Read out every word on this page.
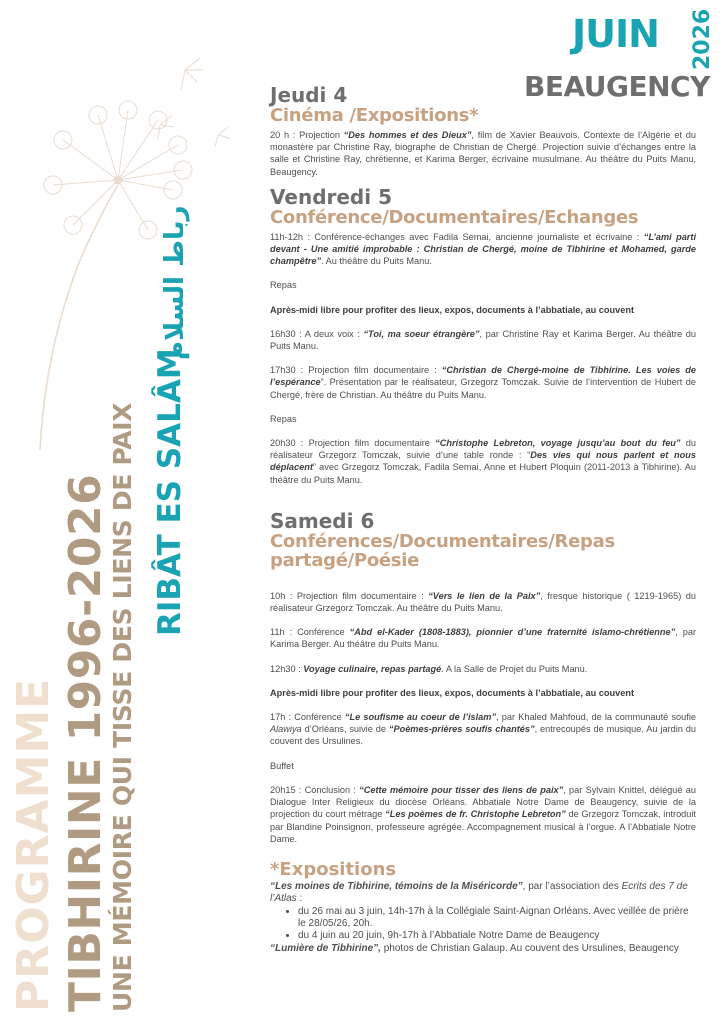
JUIN 2026
BEAUGENCY
PROGRAMME TIBHIRINE 1996-2026
UNE MÉMOIRE QUI TISSE DES LIENS DE PAIX RIBÂT ES SALÂM
رباط السلام
Jeudi 4
Cinéma /Expositions*
20 h : Projection “Des hommes et des Dieux”, film de Xavier Beauvois. Contexte de l’Algérie et du monastère par Christine Ray, biographe de Christian de Chergé. Projection suivie d’échanges entre la salle et Christine Ray, chrétienne, et Karima Berger, écrivaine musulmane. Au théâtre du Puits Manu, Beaugency.
Vendredi 5
Conférence/Documentaires/Echanges
11h-12h : Conférence-échanges avec Fadila Semai, ancienne journaliste et écrivaine : “L’ami parti devant - Une amitié improbable : Christian de Chergé, moine de Tibhirine et Mohamed, garde champêtre”. Au théâtre du Puits Manu.
Repas
Après-midi libre pour profiter des lieux, expos, documents à l’abbatiale, au couvent
16h30 : A deux voix : “Toi, ma soeur étrangère”, par Christine Ray et Karima Berger. Au théâtre du Puits Manu.
17h30 : Projection film documentaire : “Christian de Chergé-moine de Tibhirine. Les voies de l’espérance”. Présentation par le réalisateur, Grzegorz Tomczak. Suivie de l’intervention de Hubert de Chergé, frère de Christian. Au théâtre du Puits Manu.
Repas
20h30 : Projection film documentaire “Christophe Lebreton, voyage jusqu’au bout du feu” du réalisateur Grzegorz Tomczak, suivie d’une table ronde : “Des vies qui nous parlent et nous déplacent” avec Grzegorz Tomczak, Fadila Semai, Anne et Hubert Ploquin (2011-2013 à Tibhirine). Au théâtre du Puits Manu.
Samedi 6
Conférences/Documentaires/Repas partagé/Poésie
10h : Projection film documentaire : “Vers le lien de la Paix”, fresque historique ( 1219-1965) du réalisateur Grzegorz Tomczak. Au théâtre du Puits Manu.
11h : Conférence “Abd el-Kader (1808-1883), pionnier d’une fraternité islamo-chrétienne”, par Karima Berger. Au théâtre du Puits Manu.
12h30 : Voyage culinaire, repas partagé. A la Salle de Projet du Puits Manu.
Après-midi libre pour profiter des lieux, expos, documents à l’abbatiale, au couvent
17h : Conférence “Le soufisme au coeur de l’islam”, par Khaled Mahfoud, de la communauté soufie Alawiya d’Orléans, suivie de “Poèmes-prières soufis chantés”, entrecoupés de musique. Au jardin du couvent des Ursulines.
Buffet
20h15 : Conclusion : “Cette mémoire pour tisser des liens de paix”, par Sylvain Knittel, délégué au Dialogue Inter Religieux du diocèse Orléans. Abbatiale Notre Dame de Beaugency, suivie de la projection du court métrage “Les poèmes de fr. Christophe Lebreton” de Grzegorz Tomczak, introduit par Blandine Poinsignon, professeure agrégée. Accompagnement musical à l’orgue. A l’Abbatiale Notre Dame.
*Expositions
“Les moines de Tibhirine, témoins de la Miséricorde”, par l’association des Ecrits des 7 de l’Atlas :
• du 26 mai au 3 juin, 14h-17h à la Collégiale Saint-Aignan Orléans. Avec veillée de prière le 28/05/26, 20h.
• du 4 juin au 20 juin, 9h-17h à l’Abbatiale Notre Dame de Beaugency
“Lumière de Tibhirine”, photos de Christian Galaup. Au couvent des Ursulines, Beaugency
